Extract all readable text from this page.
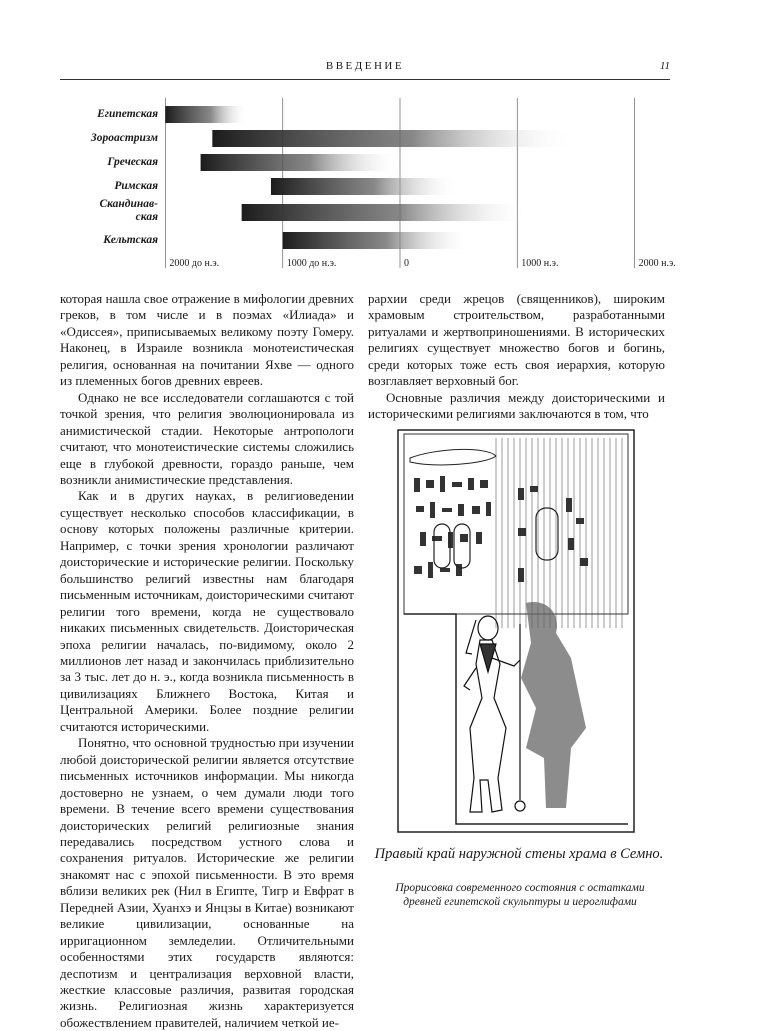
ВВЕДЕНИЕ	11
2000 до н.э.	1000 до н.э.	0	1000 н.э.	2000 н.э.
Египетская
Зороастризм
Греческая
Римская
Скандинав-
ская
Кельтская

которая нашла свое отражение в мифологии древних греков, в том числе и в поэмах «Илиада» и «Одиссея», приписываемых великому поэту Гомеру. Наконец, в Израиле возникла монотеистическая религия, основанная на почитании Яхве — одного из племенных богов древних евреев.

Однако не все исследователи соглашаются с той точкой зрения, что религия эволюционировала из анимистической стадии. Некоторые антропологи считают, что монотеистические системы сложились еще в глубокой древности, гораздо раньше, чем возникли анимистические представления.

Как и в других науках, в религиоведении существует несколько способов классификации, в основу которых положены различные критерии. Например, с точки зрения хронологии различают доисторические и исторические религии. Поскольку большинство религий известны нам благодаря письменным источникам, доисторическими считают религии того времени, когда не существовало никаких письменных свидетельств. Доисторическая эпоха религии началась, по-видимому, около 2 миллионов лет назад и закончилась приблизительно за 3 тыс. лет до н. э., когда возникла письменность в цивилизациях Ближнего Востока, Китая и Центральной Америки. Более поздние религии считаются историческими.

Понятно, что основной трудностью при изучении любой доисторической религии является отсутствие письменных источников информации. Мы никогда достоверно не узнаем, о чем думали люди того времени. В течение всего времени существования доисторических религий религиозные знания передавались посредством устного слова и сохранения ритуалов. Исторические же религии знакомят нас с эпохой письменности. В это время вблизи великих рек (Нил в Египте, Тигр и Евфрат в Передней Азии, Хуанхэ и Янцзы в Китае) возникают великие цивилизации, основанные на ирригационном земледелии. Отличительными особенностями этих государств являются: деспотизм и централизация верховной власти, жесткие классовые различия, развитая городская жизнь. Религиозная жизнь характеризуется обожествлением правителей, наличием четкой ие-

рархии среди жрецов (священников), широким храмовым строительством, разработанными ритуалами и жертвоприношениями. В исторических религиях существует множество богов и богинь, среди которых тоже есть своя иерархия, которую возглавляет верховный бог.

Основные различия между доисторическими и историческими религиями заключаются в том, что

Правый край наружной стены храма в Семно.
Прорисовка современного состояния с остатками древней египетской скульптуры и иероглифами
